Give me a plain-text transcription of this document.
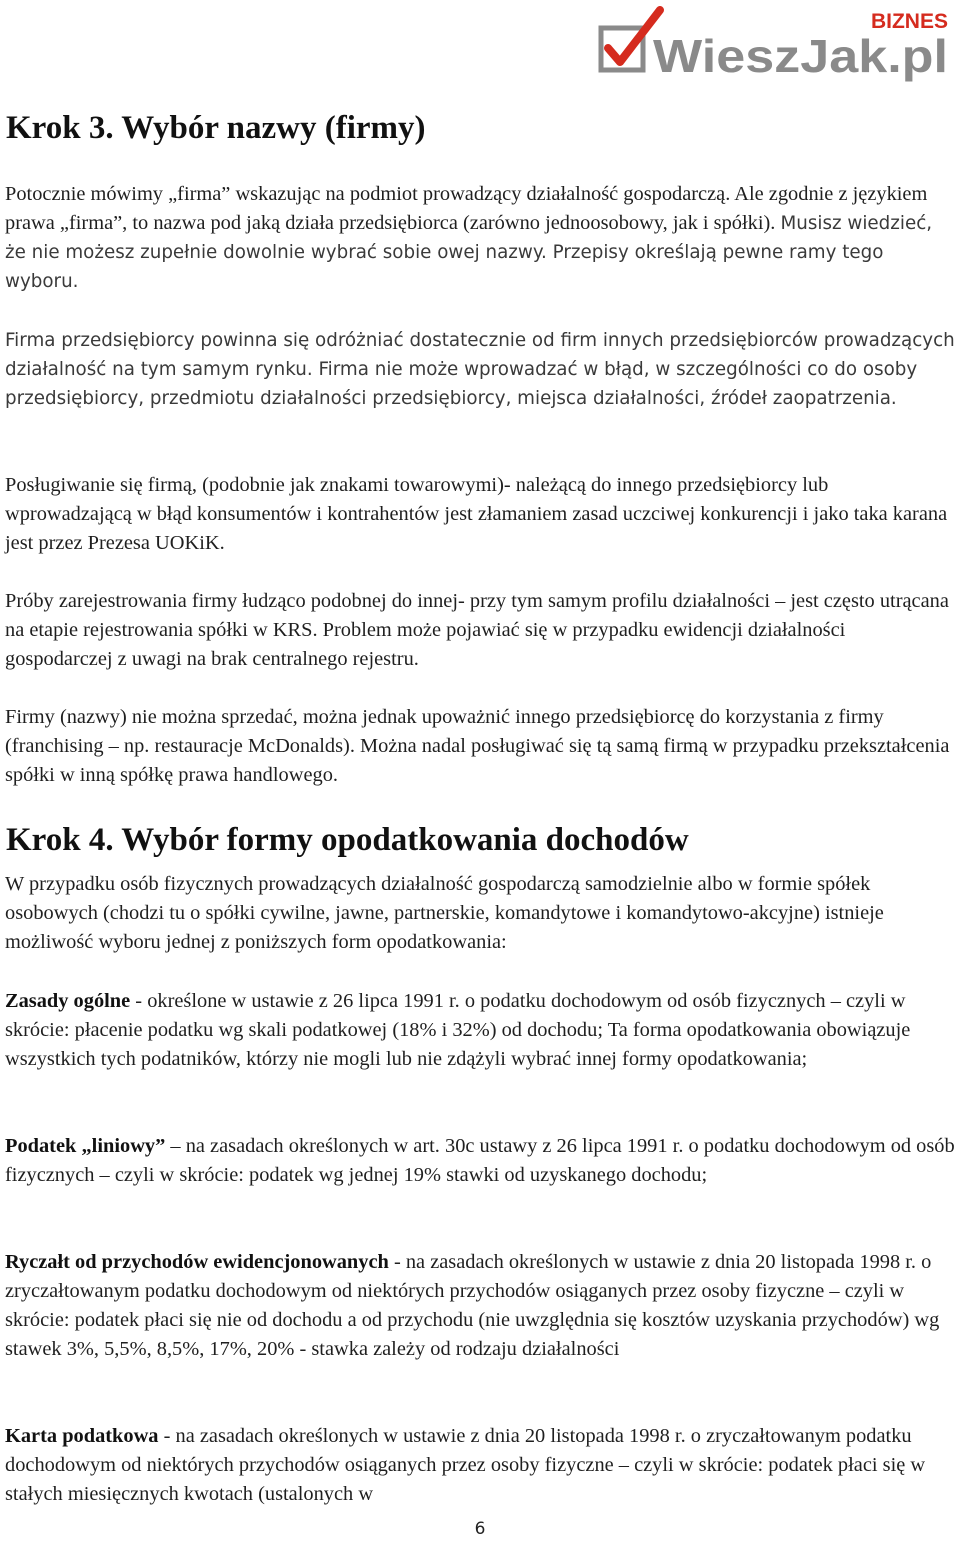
BIZNES
WieszJak.pl
Krok 3. Wybór nazwy (firmy)

Potocznie mówimy „firma” wskazując na podmiot prowadzący działalność gospodarczą. Ale zgodnie z językiem prawa „firma”, to nazwa pod jaką działa przedsiębiorca (zarówno jednoosobowy, jak i spółki). Musisz wiedzieć, że nie możesz zupełnie dowolnie wybrać sobie owej nazwy. Przepisy określają pewne ramy tego wyboru.

Firma przedsiębiorcy powinna się odróżniać dostatecznie od firm innych przedsiębiorców prowadzących działalność na tym samym rynku. Firma nie może wprowadzać w błąd, w szczególności co do osoby przedsiębiorcy, przedmiotu działalności przedsiębiorcy, miejsca działalności, źródeł zaopatrzenia.

Posługiwanie się firmą, (podobnie jak znakami towarowymi)- należącą do innego przedsiębiorcy lub wprowadzającą w błąd konsumentów i kontrahentów jest złamaniem zasad uczciwej konkurencji i jako taka karana jest przez Prezesa UOKiK.

Próby zarejestrowania firmy łudząco podobnej do innej- przy tym samym profilu działalności – jest często utrącana na etapie rejestrowania spółki w KRS. Problem może pojawiać się w przypadku ewidencji działalności gospodarczej z uwagi na brak centralnego rejestru.

Firmy (nazwy) nie można sprzedać, można jednak upoważnić innego przedsiębiorcę do korzystania z firmy (franchising – np. restauracje McDonalds). Można nadal posługiwać się tą samą firmą w przypadku przekształcenia spółki w inną spółkę prawa handlowego.

Krok 4. Wybór formy opodatkowania dochodów

W przypadku osób fizycznych prowadzących działalność gospodarczą samodzielnie albo w formie spółek osobowych (chodzi tu o spółki cywilne, jawne, partnerskie, komandytowe i komandytowo-akcyjne) istnieje możliwość wyboru jednej z poniższych form opodatkowania:

Zasady ogólne - określone w ustawie z 26 lipca 1991 r. o podatku dochodowym od osób fizycznych – czyli w skrócie: płacenie podatku wg skali podatkowej (18% i 32%) od dochodu; Ta forma opodatkowania obowiązuje wszystkich tych podatników, którzy nie mogli lub nie zdążyli wybrać innej formy opodatkowania;

Podatek „liniowy” – na zasadach określonych w art. 30c ustawy z 26 lipca 1991 r. o podatku dochodowym od osób fizycznych – czyli w skrócie: podatek wg jednej 19% stawki od uzyskanego dochodu;

Ryczałt od przychodów ewidencjonowanych - na zasadach określonych w ustawie z dnia 20 listopada 1998 r. o zryczałtowanym podatku dochodowym od niektórych przychodów osiąganych przez osoby fizyczne – czyli w skrócie: podatek płaci się nie od dochodu a od przychodu (nie uwzględnia się kosztów uzyskania przychodów) wg stawek 3%, 5,5%, 8,5%, 17%, 20% - stawka zależy od rodzaju działalności

Karta podatkowa - na zasadach określonych w ustawie z dnia 20 listopada 1998 r. o zryczałtowanym podatku dochodowym od niektórych przychodów osiąganych przez osoby fizyczne – czyli w skrócie: podatek płaci się w stałych miesięcznych kwotach (ustalonych w

6
